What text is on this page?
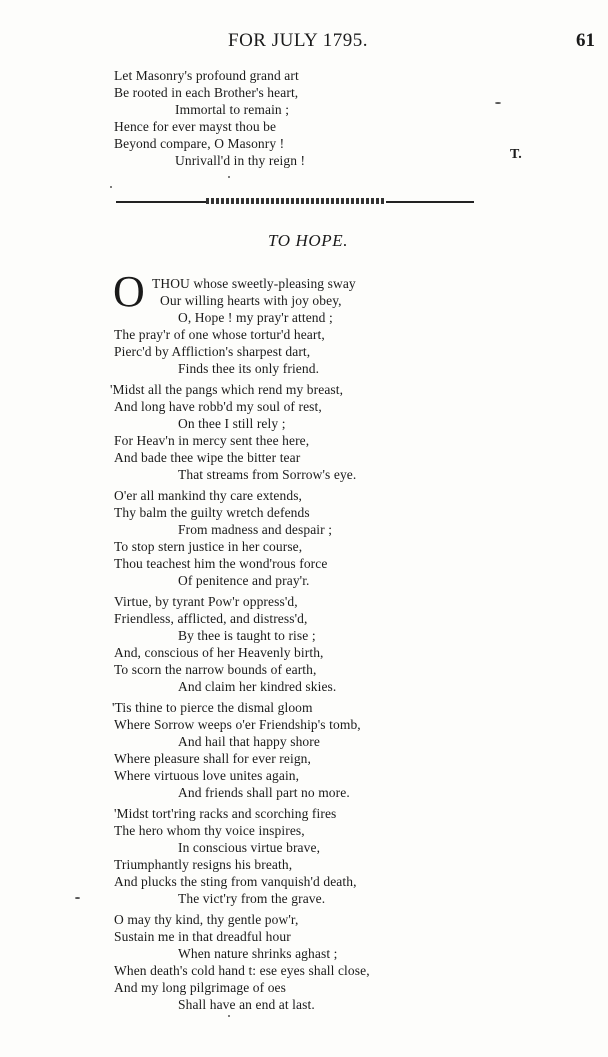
FOR JULY 1795.	61
Let Masonry's profound grand art
Be rooted in each Brother's heart,
Immortal to remain ;
Hence for ever mayst thou be
Beyond compare, O Masonry !
Unrivall'd in thy reign !	T.
TO HOPE.
O THOU whose sweetly-pleasing sway
Our willing hearts with joy obey,
O, Hope ! my pray'r attend ;
The pray'r of one whose tortur'd heart,
Pierc'd by Affliction's sharpest dart,
Finds thee its only friend.
'Midst all the pangs which rend my breast,
And long have robb'd my soul of rest,
On thee I still rely ;
For Heav'n in mercy sent thee here,
And bade thee wipe the bitter tear
That streams from Sorrow's eye.
O'er all mankind thy care extends,
Thy balm the guilty wretch defends
From madness and despair ;
To stop stern justice in her course,
Thou teachest him the wond'rous force
Of penitence and pray'r.
Virtue, by tyrant Pow'r oppress'd,
Friendless, afflicted, and distress'd,
By thee is taught to rise ;
And, conscious of her Heavenly birth,
To scorn the narrow bounds of earth,
And claim her kindred skies.
'Tis thine to pierce the dismal gloom
Where Sorrow weeps o'er Friendship's tomb,
And hail that happy shore
Where pleasure shall for ever reign,
Where virtuous love unites again,
And friends shall part no more.
'Midst tort'ring racks and scorching fires
The hero whom thy voice inspires,
In conscious virtue brave,
Triumphantly resigns his breath,
And plucks the sting from vanquish'd death,
The vict'ry from the grave.
O may thy kind, thy gentle pow'r,
Sustain me in that dreadful hour
When nature shrinks aghast ;
When death's cold hand t: ese eyes shall close,
And my long pilgrimage of oes
Shall have an end at last.
